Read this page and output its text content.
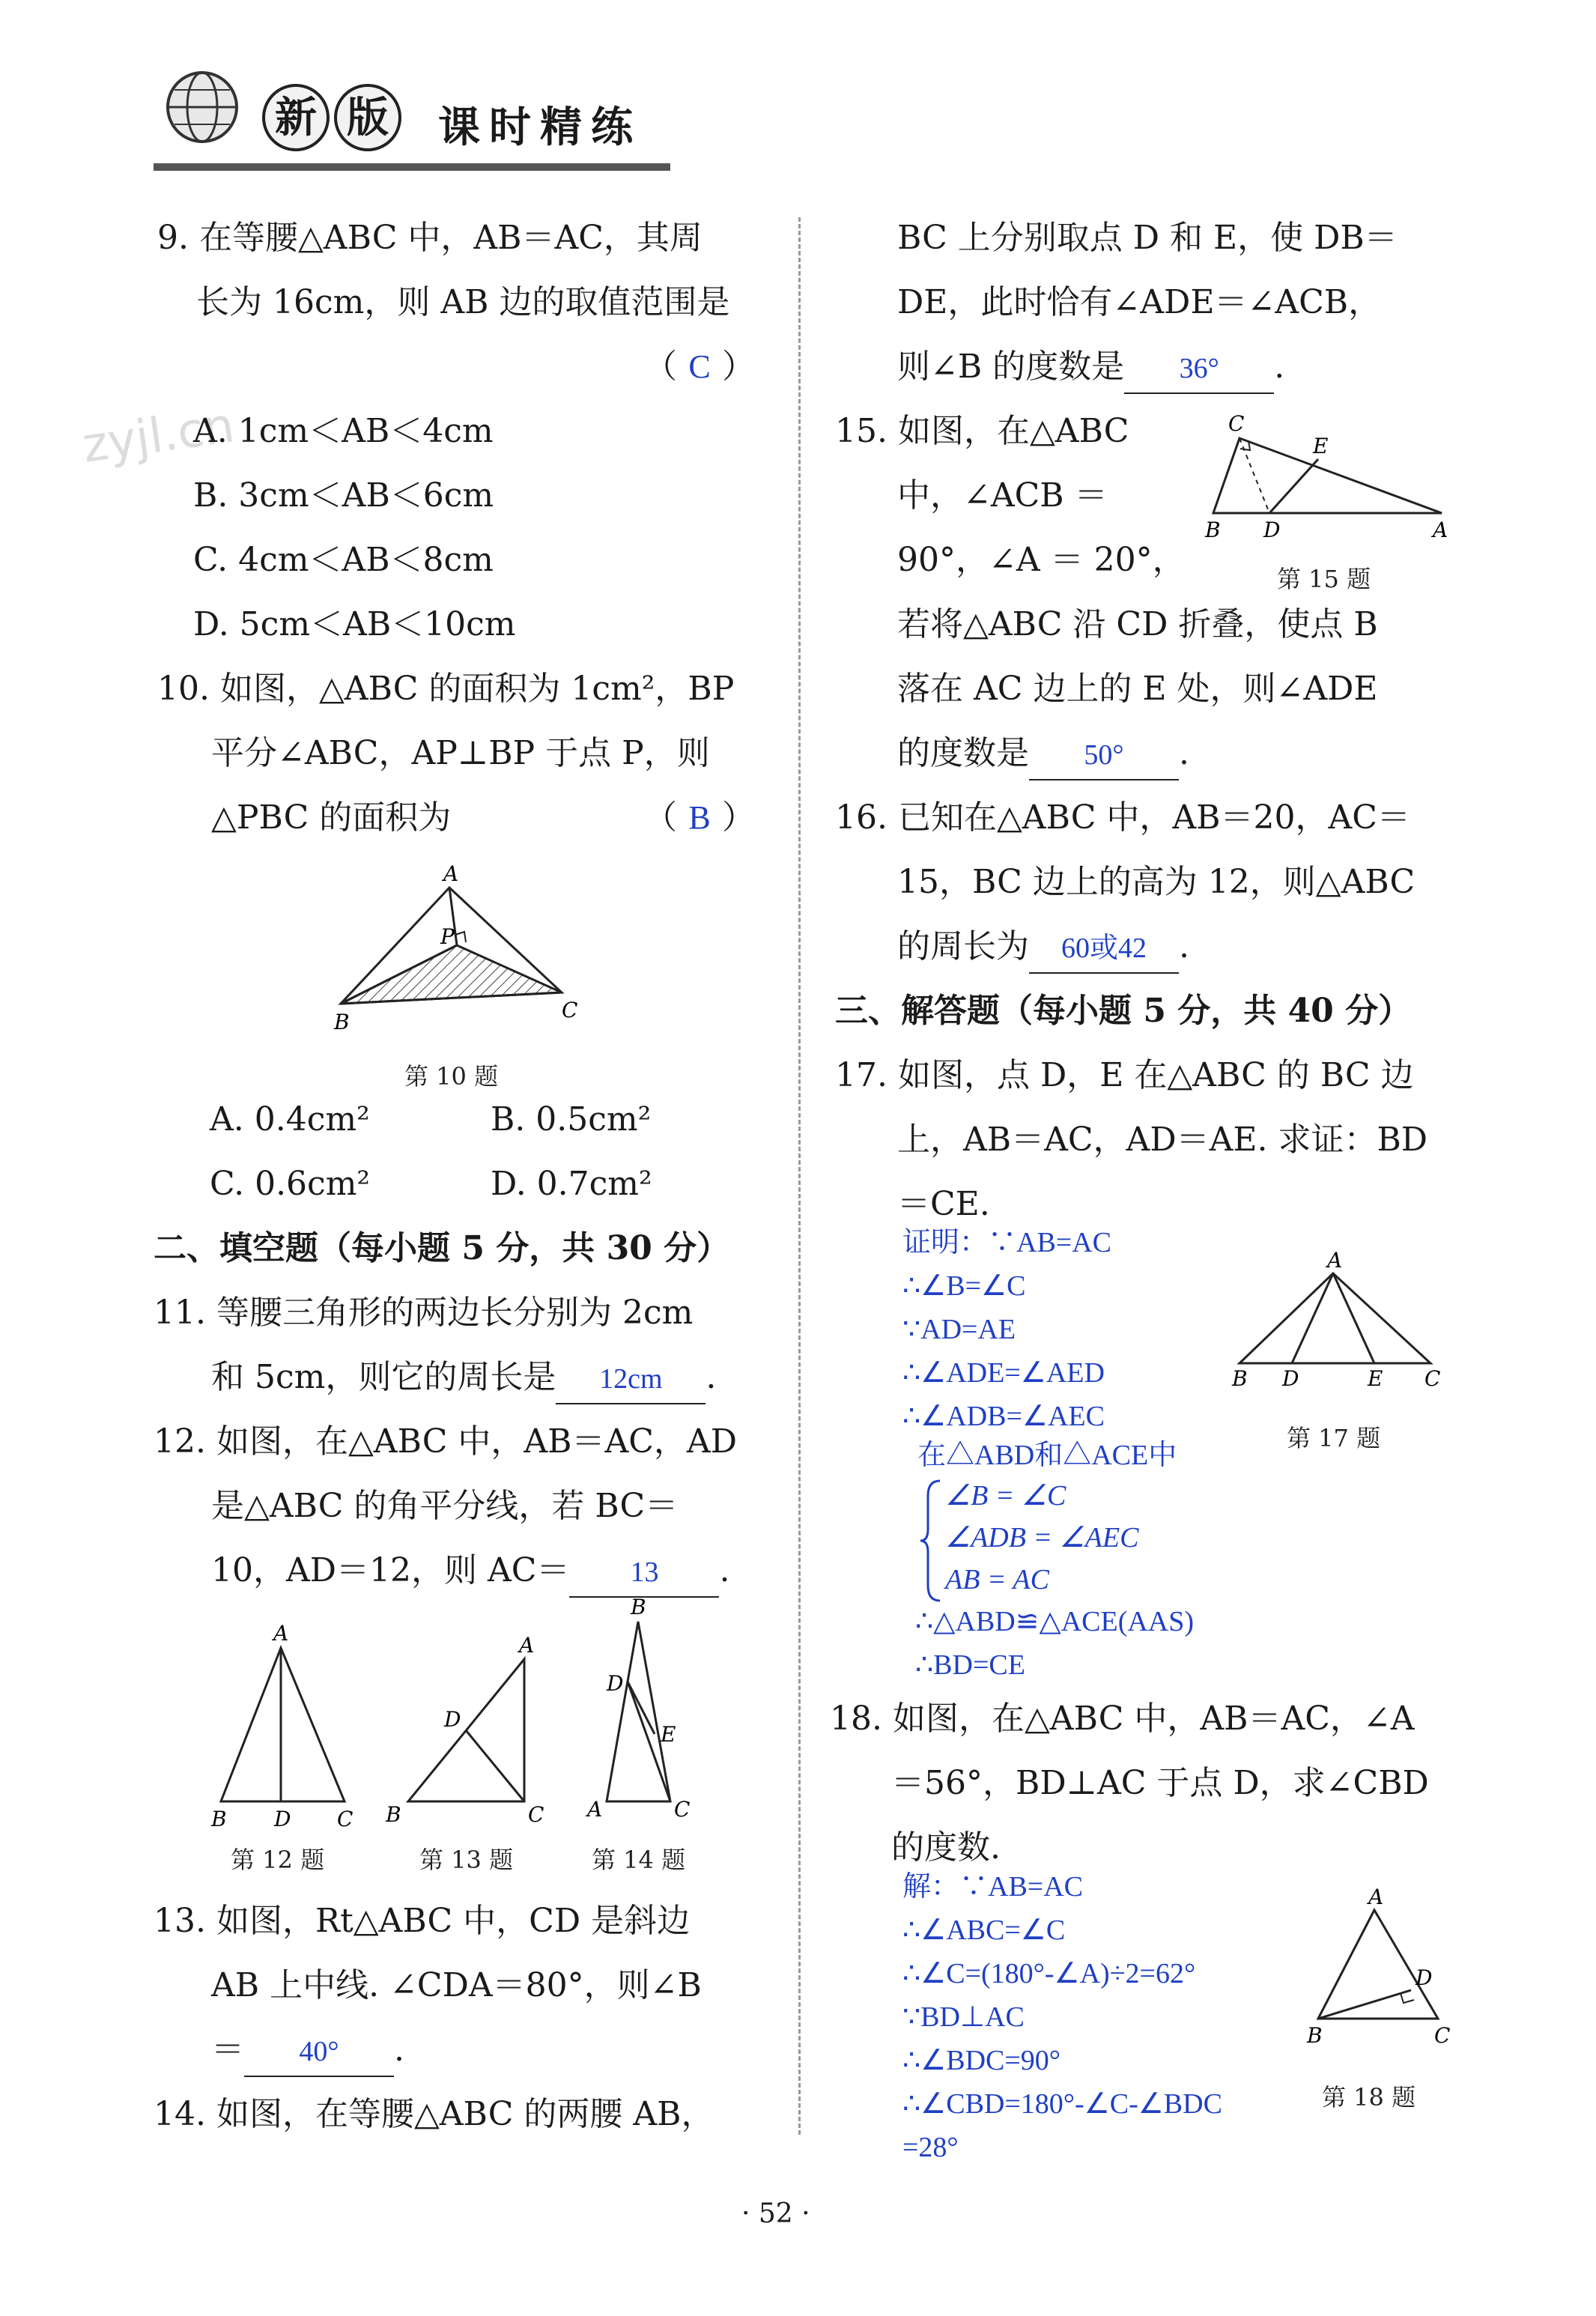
新 版	课时精练
zyjl.cn
9. 在等腰△ABC 中，AB＝AC，其周
长为 16cm，则 AB 边的取值范围是
（ C ）
A. 1cm＜AB＜4cm
B. 3cm＜AB＜6cm
C. 4cm＜AB＜8cm
D. 5cm＜AB＜10cm
10. 如图，△ABC 的面积为 1cm²，BP
平分∠ABC，AP⊥BP 于点 P，则
△PBC 的面积为	（ B ）
A
P
B	C
第 10 题
A. 0.4cm²	B. 0.5cm²
C. 0.6cm²	D. 0.7cm²
二、填空题（每小题 5 分，共 30 分）
11. 等腰三角形的两边长分别为 2cm
和 5cm，则它的周长是 12cm .
12. 如图，在△ABC 中，AB＝AC，AD
是△ABC 的角平分线，若 BC＝
10，AD＝12，则 AC＝ 13 .
A
B D C
第 12 题
A
D
B	C
第 13 题
B
D
E
A	C
第 14 题
13. 如图，Rt△ABC 中，CD 是斜边
AB 上中线. ∠CDA＝80°，则∠B
＝ 40° .
14. 如图，在等腰△ABC 的两腰 AB，
BC 上分别取点 D 和 E，使 DB＝
DE，此时恰有∠ADE＝∠ACB，
则∠B 的度数是 36° .
15. 如图，在△ABC
中，∠ACB ＝
90°，∠A ＝ 20°，
若将△ABC 沿 CD 折叠，使点 B
落在 AC 边上的 E 处，则∠ADE
的度数是 50° .
C
E
B D	A
第 15 题
16. 已知在△ABC 中，AB＝20，AC＝
15，BC 边上的高为 12，则△ABC
的周长为 60或42 .
三、解答题（每小题 5 分，共 40 分）
17. 如图，点 D，E 在△ABC 的 BC 边
上，AB＝AC，AD＝AE. 求证：BD
＝CE.
证明：∵AB=AC
∴∠B=∠C
∵AD=AE
∴∠ADE=∠AED
∴∠ADB=∠AEC
在△ABD和△ACE中
∠B = ∠C
∠ADB = ∠AEC
AB = AC
∴△ABD≌△ACE(AAS)
∴BD=CE
A
B D	E C
第 17 题
18. 如图，在△ABC 中，AB＝AC，∠A
＝56°，BD⊥AC 于点 D，求∠CBD
的度数.
解：∵AB=AC
∴∠ABC=∠C
∴∠C=(180°-∠A)÷2=62°
∵BD⊥AC
∴∠BDC=90°
∴∠CBD=180°-∠C-∠BDC
=28°
A
D
B	C
第 18 题
· 52 ·
